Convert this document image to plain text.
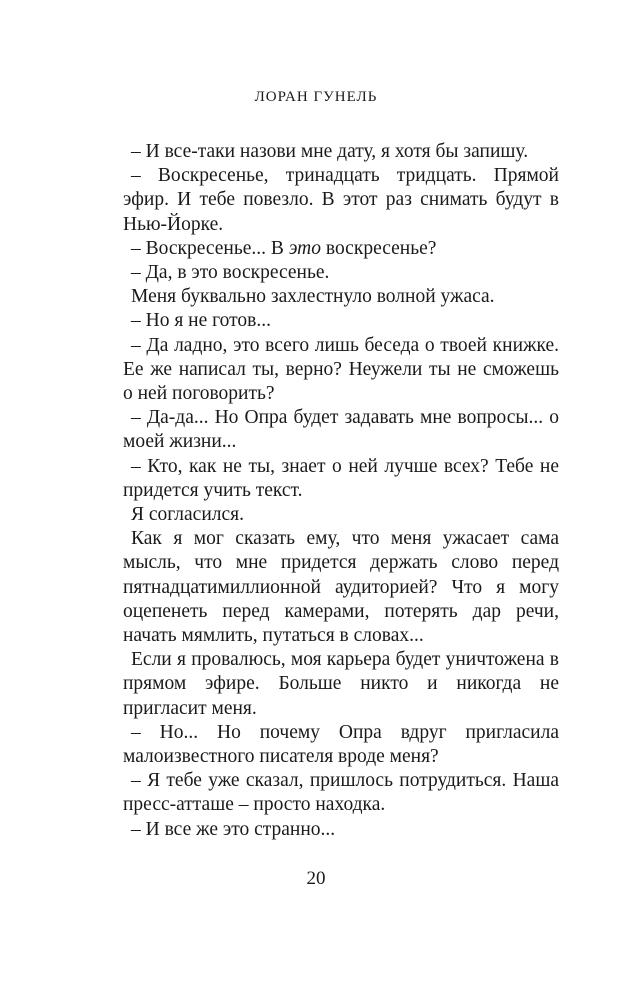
ЛОРАН ГУНЕЛЬ

– И все-таки назови мне дату, я хотя бы запишу.

– Воскресенье, тринадцать тридцать. Прямой эфир. И тебе повезло. В этот раз снимать будут в Нью-Йорке.

– Воскресенье... В это воскресенье?

– Да, в это воскресенье.

Меня буквально захлестнуло волной ужаса.

– Но я не готов...

– Да ладно, это всего лишь беседа о твоей книжке. Ее же написал ты, верно? Неужели ты не сможешь о ней поговорить?

– Да-да... Но Опра будет задавать мне вопросы... о моей жизни...

– Кто, как не ты, знает о ней лучше всех? Тебе не придется учить текст.

Я согласился.

Как я мог сказать ему, что меня ужасает сама мысль, что мне придется держать слово перед пятнадцатимиллионной аудиторией? Что я могу оцепенеть перед камерами, потерять дар речи, начать мямлить, путаться в словах...

Если я провалюсь, моя карьера будет уничтожена в прямом эфире. Больше никто и никогда не пригласит меня.

– Но... Но почему Опра вдруг пригласила малоизвестного писателя вроде меня?

– Я тебе уже сказал, пришлось потрудиться. Наша пресс-атташе – просто находка.

– И все же это странно...

20
